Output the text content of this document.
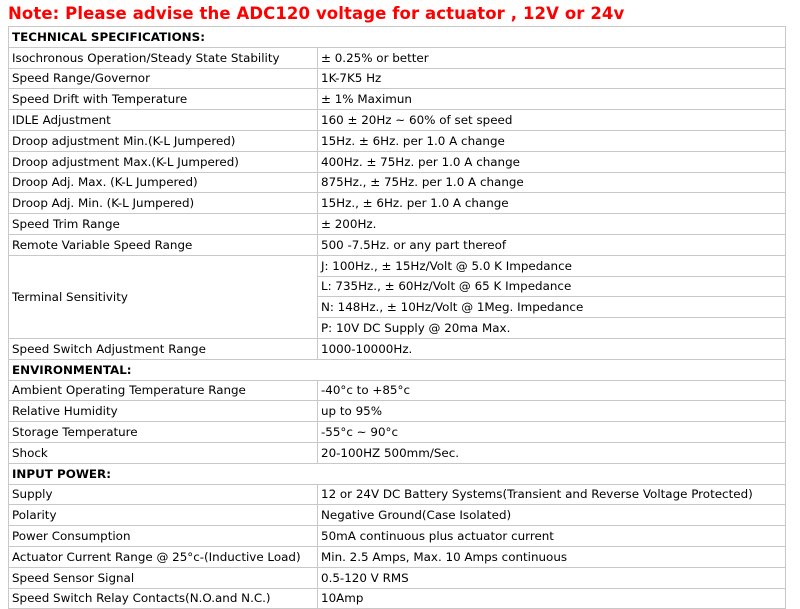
Note: Please advise the ADC120 voltage for actuator , 12V or 24v
TECHNICAL SPECIFICATIONS:	
Isochronous Operation/Steady State Stability	± 0.25% or better
Speed Range/Governor	1K-7K5 Hz
Speed Drift with Temperature	± 1% Maximun
IDLE Adjustment	160 ± 20Hz ~ 60% of set speed
Droop adjustment Min.(K-L Jumpered)	15Hz. ± 6Hz. per 1.0 A change
Droop adjustment Max.(K-L Jumpered)	400Hz. ± 75Hz. per 1.0 A change
Droop Adj. Max. (K-L Jumpered)	875Hz., ± 75Hz. per 1.0 A change
Droop Adj. Min. (K-L Jumpered)	15Hz., ± 6Hz. per 1.0 A change
Speed Trim Range	± 200Hz.
Remote Variable Speed Range	500 -7.5Hz. or any part thereof
Terminal Sensitivity	J: 100Hz., ± 15Hz/Volt @ 5.0 K Impedance
	L: 735Hz., ± 60Hz/Volt @ 65 K Impedance
	N: 148Hz., ± 10Hz/Volt @ 1Meg. Impedance
	P: 10V DC Supply @ 20ma Max.
Speed Switch Adjustment Range	1000-10000Hz.
ENVIRONMENTAL:	
Ambient Operating Temperature Range	-40°c to +85°c
Relative Humidity	up to 95%
Storage Temperature	-55°c ~ 90°c
Shock	20-100HZ 500mm/Sec.
INPUT POWER:	
Supply	12 or 24V DC Battery Systems(Transient and Reverse Voltage Protected)
Polarity	Negative Ground(Case Isolated)
Power Consumption	50mA continuous plus actuator current
Actuator Current Range @ 25°c-(Inductive Load)	Min. 2.5 Amps, Max. 10 Amps continuous
Speed Sensor Signal	0.5-120 V RMS
Speed Switch Relay Contacts(N.O.and N.C.)	10Amp
